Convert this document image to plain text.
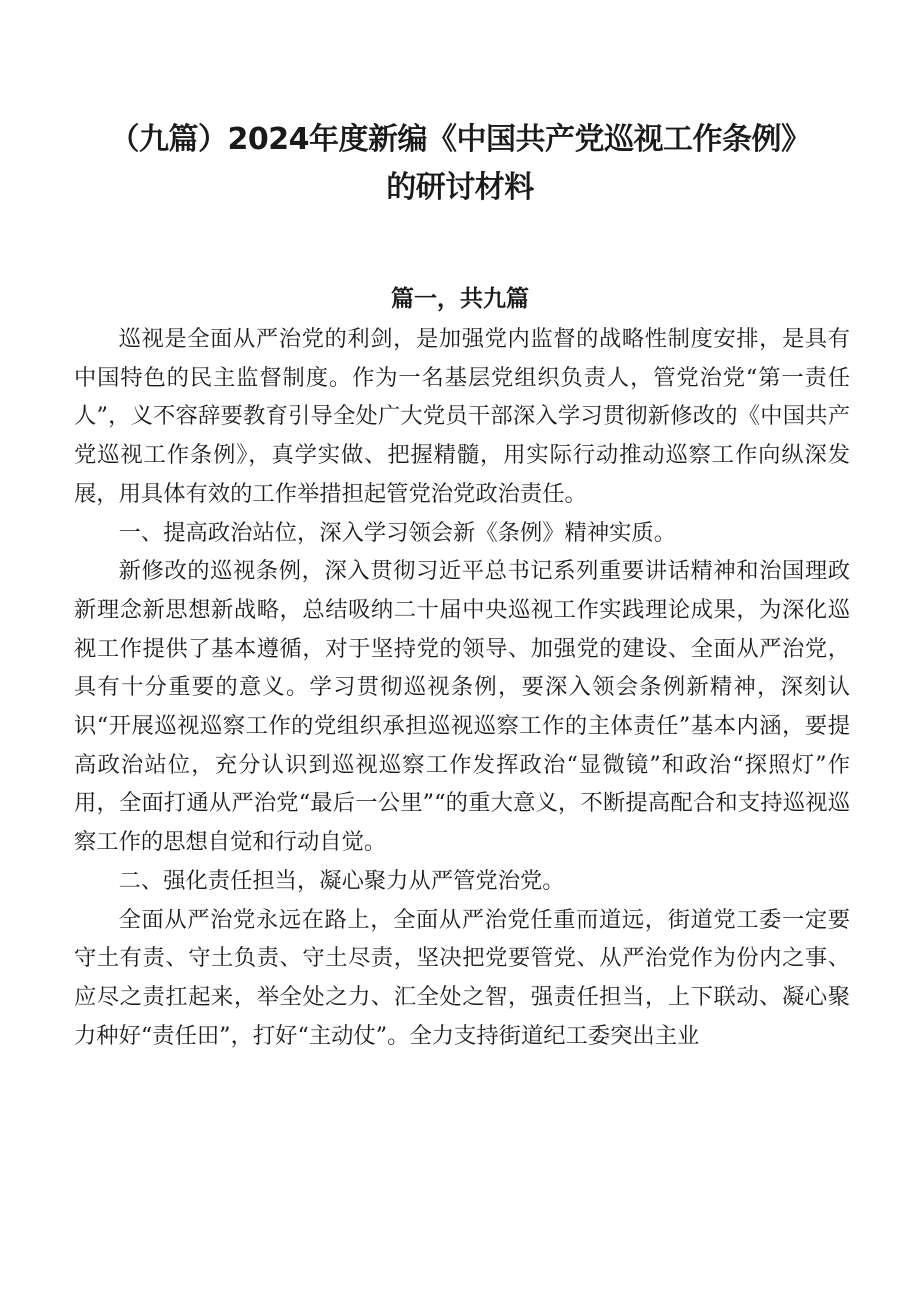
（九篇）2024年度新编《中国共产党巡视工作条例》
的研讨材料
篇一，共九篇

巡视是全面从严治党的利剑，是加强党内监督的战略性制度安排，是具有中国特色的民主监督制度。作为一名基层党组织负责人，管党治党“第一责任人”，义不容辞要教育引导全处广大党员干部深入学习贯彻新修改的《中国共产党巡视工作条例》，真学实做、把握精髓，用实际行动推动巡察工作向纵深发展，用具体有效的工作举措担起管党治党政治责任。

一、提高政治站位，深入学习领会新《条例》精神实质。

新修改的巡视条例，深入贯彻习近平总书记系列重要讲话精神和治国理政新理念新思想新战略，总结吸纳二十届中央巡视工作实践理论成果，为深化巡视工作提供了基本遵循，对于坚持党的领导、加强党的建设、全面从严治党，具有十分重要的意义。学习贯彻巡视条例，要深入领会条例新精神，深刻认识“开展巡视巡察工作的党组织承担巡视巡察工作的主体责任”基本内涵，要提高政治站位，充分认识到巡视巡察工作发挥政治“显微镜”和政治“探照灯”作用，全面打通从严治党“最后一公里”“的重大意义，不断提高配合和支持巡视巡察工作的思想自觉和行动自觉。

二、强化责任担当，凝心聚力从严管党治党。

全面从严治党永远在路上，全面从严治党任重而道远，街道党工委一定要守土有责、守土负责、守土尽责，坚决把党要管党、从严治党作为份内之事、应尽之责扛起来，举全处之力、汇全处之智，强责任担当，上下联动、凝心聚力种好“责任田”，打好“主动仗”。全力支持街道纪工委突出主业
